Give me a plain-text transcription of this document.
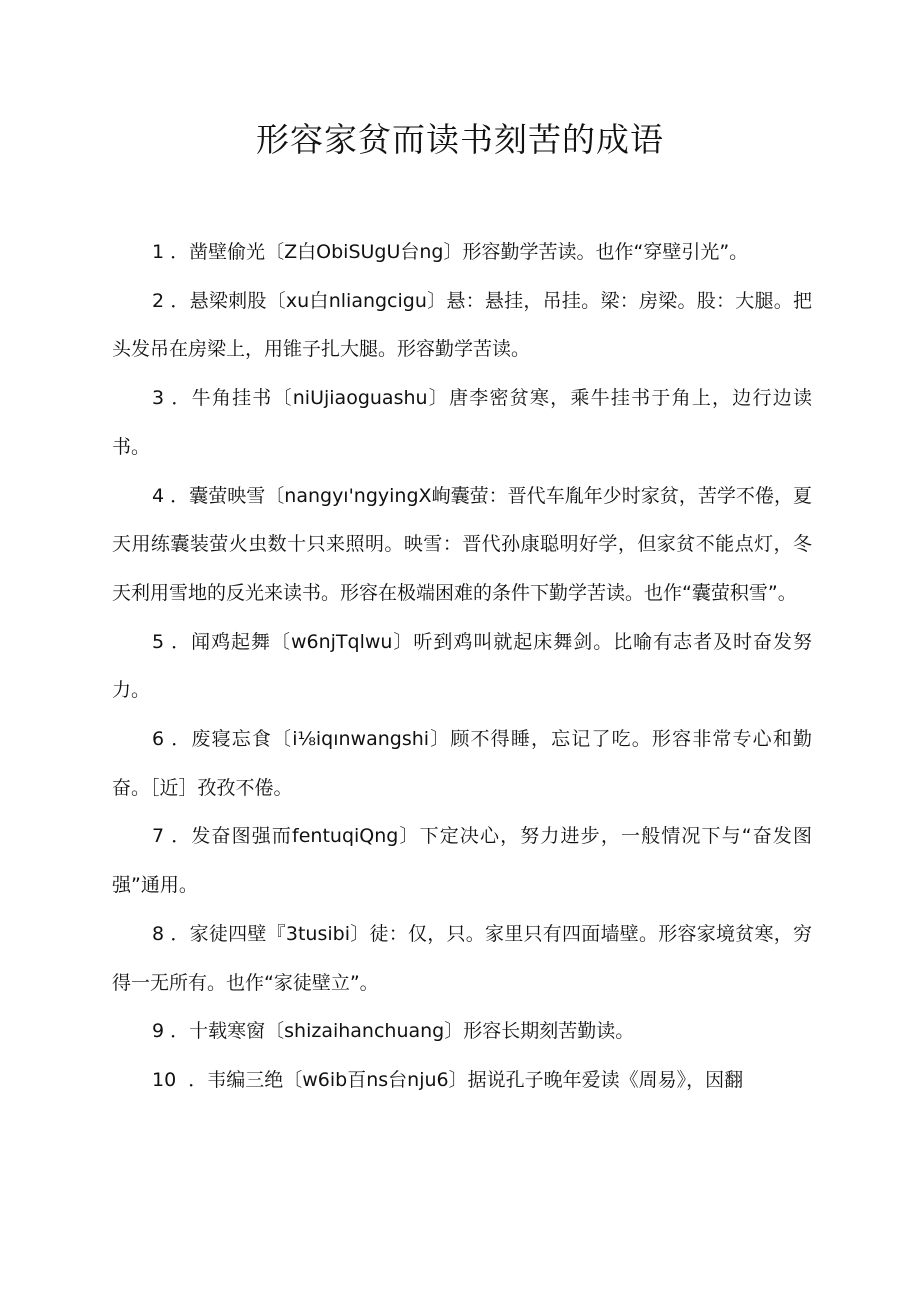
形容家贫而读书刻苦的成语

1 ．凿壁偷光〔Z白ObiSUgU台ng〕形容勤学苦读。也作“穿壁引光”。

2 ．悬梁刺股〔xu白nliangcigu〕悬：悬挂，吊挂。梁：房梁。股：大腿。把头发吊在房梁上，用锥子扎大腿。形容勤学苦读。

3 ．牛角挂书〔niUjiaoguashu〕唐李密贫寒，乘牛挂书于角上，边行边读书。

4 ．囊萤映雪〔nangyı'ngyingX峋囊萤：晋代车胤年少时家贫，苦学不倦，夏天用练囊装萤火虫数十只来照明。映雪：晋代孙康聪明好学，但家贫不能点灯，冬天利用雪地的反光来读书。形容在极端困难的条件下勤学苦读。也作“囊萤积雪”。

5 ．闻鸡起舞〔w6njTqlwu〕听到鸡叫就起床舞剑。比喻有志者及时奋发努力。

6 ．废寝忘食〔i⅛iqınwangshi〕顾不得睡，忘记了吃。形容非常专心和勤奋。［近］孜孜不倦。

7 ．发奋图强而fentuqiQng〕下定决心，努力进步，一般情况下与“奋发图强”通用。

8 ．家徒四壁『3tusibi〕徒：仅，只。家里只有四面墙壁。形容家境贫寒，穷得一无所有。也作“家徒壁立”。

9 ．十载寒窗〔shizaihanchuang〕形容长期刻苦勤读。

10  ．韦编三绝〔w6ib百ns台nju6〕据说孔子晚年爱读《周易》，因翻
